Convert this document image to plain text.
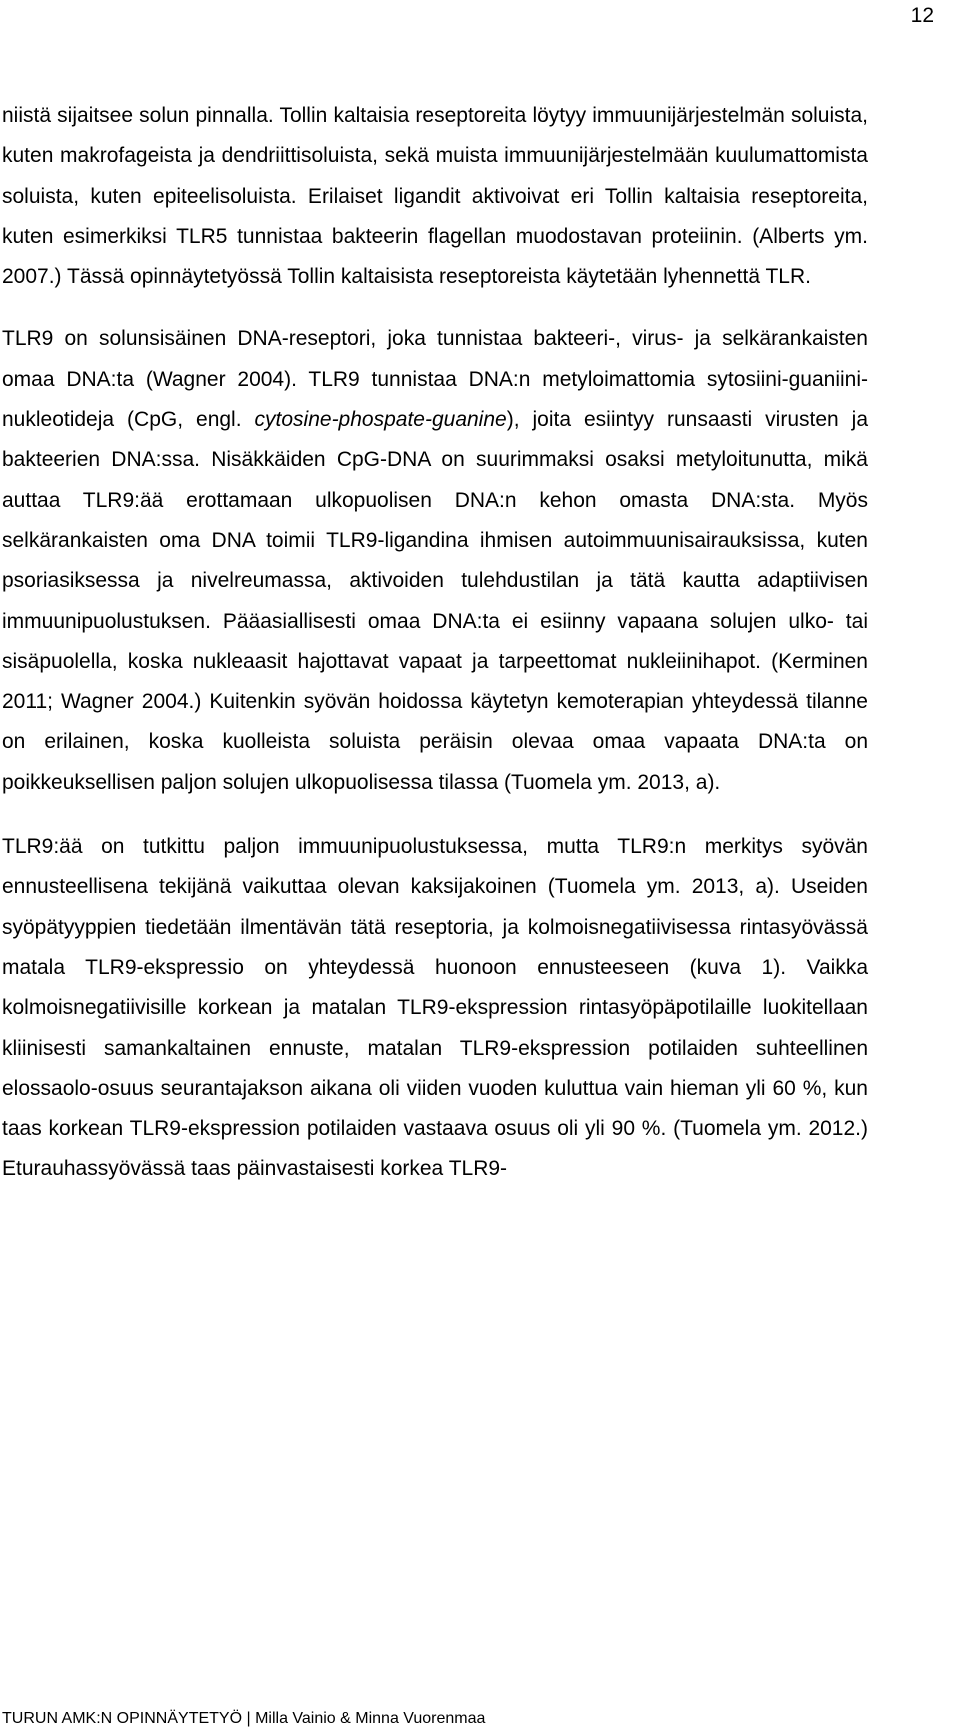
12

niistä sijaitsee solun pinnalla. Tollin kaltaisia reseptoreita löytyy immuunijärjestelmän soluista, kuten makrofageista ja dendriittisoluista, sekä muista immuunijärjestelmään kuulumattomista soluista, kuten epiteelisoluista. Erilaiset ligandit aktivoivat eri Tollin kaltaisia reseptoreita, kuten esimerkiksi TLR5 tunnistaa bakteerin flagellan muodostavan proteiinin. (Alberts ym. 2007.) Tässä opinnäytetyössä Tollin kaltaisista reseptoreista käytetään lyhennettä TLR.

TLR9 on solunsisäinen DNA-reseptori, joka tunnistaa bakteeri-, virus- ja selkärankaisten omaa DNA:ta (Wagner 2004). TLR9 tunnistaa DNA:n metyloimattomia sytosiini-guaniini-nukleotideja (CpG, engl. cytosine-phospate-guanine), joita esiintyy runsaasti virusten ja bakteerien DNA:ssa. Nisäkkäiden CpG-DNA on suurimmaksi osaksi metyloitunutta, mikä auttaa TLR9:ää erottamaan ulkopuolisen DNA:n kehon omasta DNA:sta. Myös selkärankaisten oma DNA toimii TLR9-ligandina ihmisen autoimmuunisairauksissa, kuten psoriasiksessa ja nivelreumassa, aktivoiden tulehdustilan ja tätä kautta adaptiivisen immuunipuolustuksen. Pääasiallisesti omaa DNA:ta ei esiinny vapaana solujen ulko- tai sisäpuolella, koska nukleaasit hajottavat vapaat ja tarpeettomat nukleiinihapot. (Kerminen 2011; Wagner 2004.) Kuitenkin syövän hoidossa käytetyn kemoterapian yhteydessä tilanne on erilainen, koska kuolleista soluista peräisin olevaa omaa vapaata DNA:ta on poikkeuksellisen paljon solujen ulkopuolisessa tilassa (Tuomela ym. 2013, a).

TLR9:ää on tutkittu paljon immuunipuolustuksessa, mutta TLR9:n merkitys syövän ennusteellisena tekijänä vaikuttaa olevan kaksijakoinen (Tuomela ym. 2013, a). Useiden syöpätyyppien tiedetään ilmentävän tätä reseptoria, ja kolmoisnegatiivisessa rintasyövässä matala TLR9-ekspressio on yhteydessä huonoon ennusteeseen (kuva 1). Vaikka kolmoisnegatiivisille korkean ja matalan TLR9-ekspression rintasyöpäpotilaille luokitellaan kliinisesti samankaltainen ennuste, matalan TLR9-ekspression potilaiden suhteellinen elossaolo-osuus seurantajakson aikana oli viiden vuoden kuluttua vain hieman yli 60 %, kun taas korkean TLR9-ekspression potilaiden vastaava osuus oli yli 90 %. (Tuomela ym. 2012.) Eturauhassyövässä taas päinvastaisesti korkea TLR9-

TURUN AMK:N OPINNÄYTETYÖ | Milla Vainio & Minna Vuorenmaa
